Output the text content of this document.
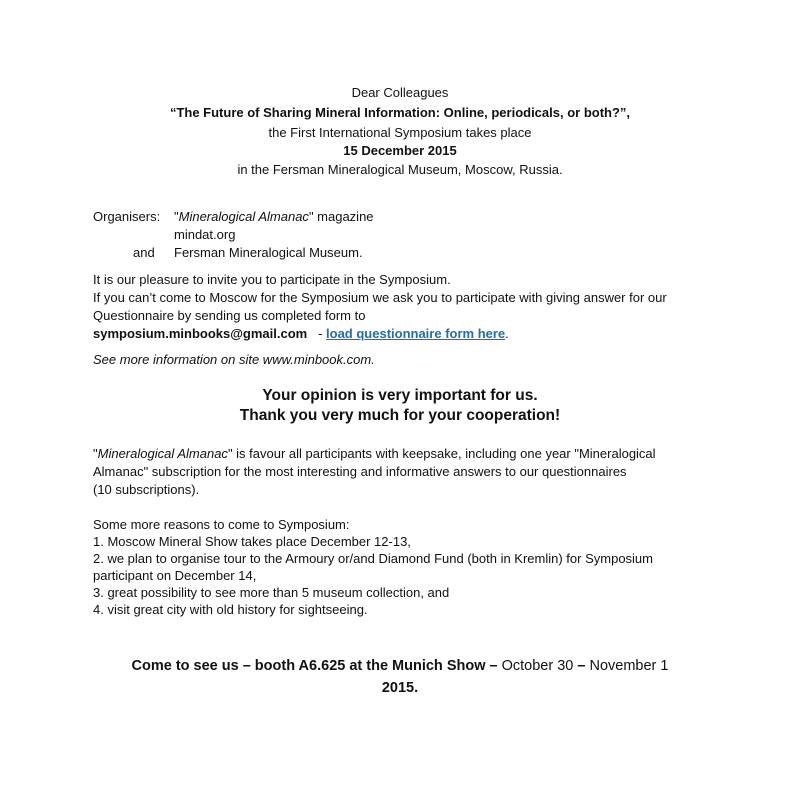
Dear Colleagues
“The Future of Sharing Mineral Information: Online, periodicals, or both?”,
the First International Symposium takes place
15 December 2015
in the Fersman Mineralogical Museum, Moscow, Russia.
Organisers: "Mineralogical Almanac" magazine
mindat.org
and Fersman Mineralogical Museum.
It is our pleasure to invite you to participate in the Symposium.
If you can’t come to Moscow for the Symposium we ask you to participate with giving answer for our
Questionnaire by sending us completed form to
symposium.minbooks@gmail.com   - load questionnaire form here.
See more information on site www.minbook.com.
Your opinion is very important for us.
Thank you very much for your cooperation!
"Mineralogical Almanac" is favour all participants with keepsake, including one year "Mineralogical
Almanac" subscription for the most interesting and informative answers to our questionnaires
(10 subscriptions).
Some more reasons to come to Symposium:
1. Moscow Mineral Show takes place December 12-13,
2. we plan to organise tour to the Armoury or/and Diamond Fund (both in Kremlin) for Symposium
participant on December 14,
3. great possibility to see more than 5 museum collection, and
4. visit great city with old history for sightseeing.
Come to see us – booth A6.625 at the Munich Show – October 30 – November 1
2015.
